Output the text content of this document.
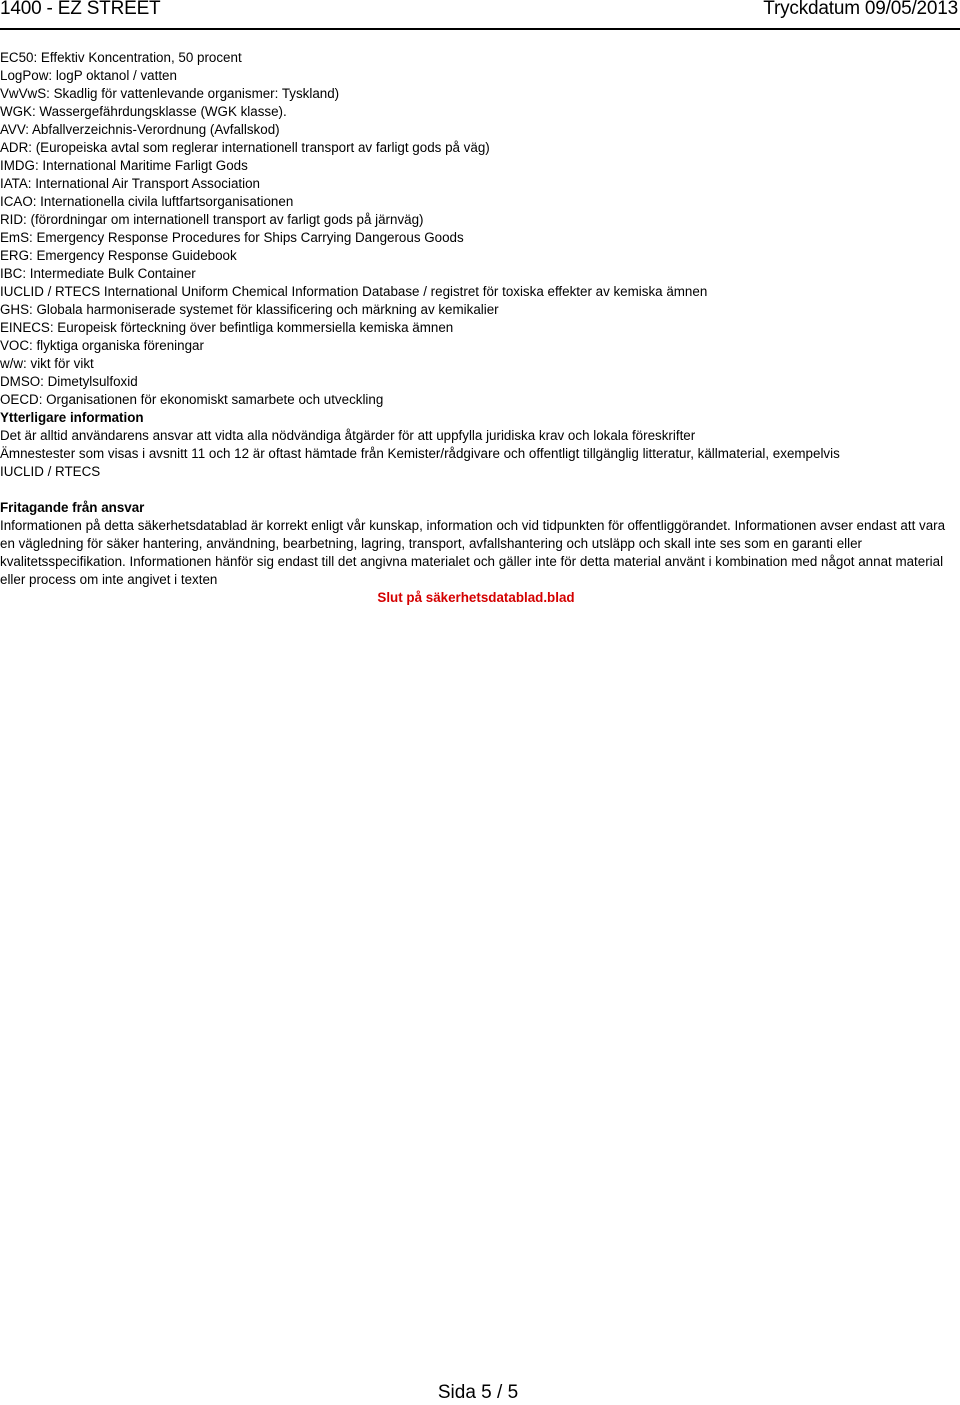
1400 - EZ STREET	Tryckdatum 09/05/2013
EC50: Effektiv Koncentration, 50 procent
LogPow: logP oktanol / vatten
VwVwS: Skadlig för vattenlevande organismer: Tyskland)
WGK: Wassergefährdungsklasse (WGK klasse).
AVV: Abfallverzeichnis-Verordnung (Avfallskod)
ADR: (Europeiska avtal som reglerar internationell transport av farligt gods på väg)
IMDG: International Maritime Farligt Gods
IATA: International Air Transport Association
ICAO: Internationella civila luftfartsorganisationen
RID: (förordningar om internationell transport av farligt gods på järnväg)
EmS: Emergency Response Procedures for Ships Carrying Dangerous Goods
ERG: Emergency Response Guidebook
IBC: Intermediate Bulk Container
IUCLID / RTECS International Uniform Chemical Information Database / registret för toxiska effekter av kemiska ämnen
GHS: Globala harmoniserade systemet för klassificering och märkning av kemikalier
EINECS: Europeisk förteckning över befintliga kommersiella kemiska ämnen
VOC: flyktiga organiska föreningar
w/w: vikt för vikt
DMSO: Dimetylsulfoxid
OECD: Organisationen för ekonomiskt samarbete och utveckling
Ytterligare information
Det är alltid användarens ansvar att vidta alla nödvändiga åtgärder för att uppfylla juridiska krav och lokala föreskrifter
Ämnestester som visas i avsnitt 11 och 12 är oftast hämtade från Kemister/rådgivare och offentligt tillgänglig litteratur, källmaterial, exempelvis
IUCLID / RTECS
Fritagande från ansvar
Informationen på detta säkerhetsdatablad är korrekt enligt vår kunskap, information och vid tidpunkten för offentliggörandet. Informationen avser endast att vara en vägledning för säker hantering, användning, bearbetning, lagring, transport, avfallshantering och utsläpp och skall inte ses som en garanti eller kvalitetsspecifikation. Informationen hänför sig endast till det angivna materialet och gäller inte för detta material använt i kombination med något annat material eller process om inte angivet i texten
Slut på säkerhetsdatablad.blad
Sida 5 / 5
